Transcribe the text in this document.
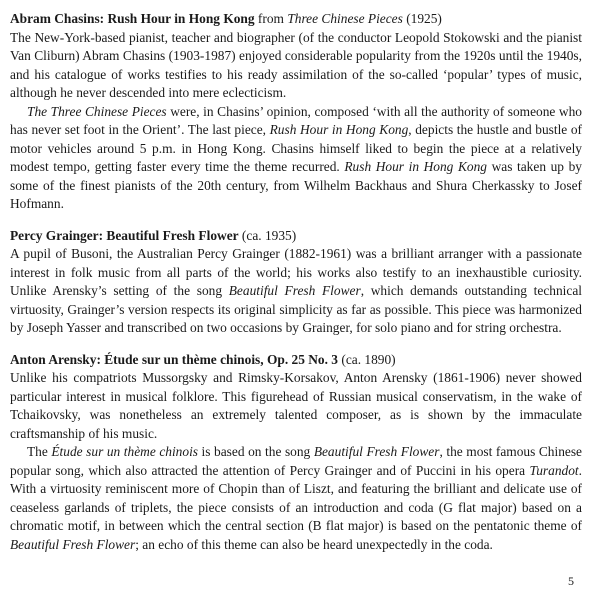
Abram Chasins: Rush Hour in Hong Kong from Three Chinese Pieces (1925)

The New-York-based pianist, teacher and biographer (of the conductor Leopold Stokowski and the pianist Van Cliburn) Abram Chasins (1903-1987) enjoyed considerable popularity from the 1920s until the 1940s, and his catalogue of works testifies to his ready assimilation of the so-called ‘popular’ types of music, although he never descended into mere eclecticism.

The Three Chinese Pieces were, in Chasins’ opinion, composed ‘with all the authority of someone who has never set foot in the Orient’. The last piece, Rush Hour in Hong Kong, depicts the hustle and bustle of motor vehicles around 5 p.m. in Hong Kong. Chasins himself liked to begin the piece at a relatively modest tempo, getting faster every time the theme recurred. Rush Hour in Hong Kong was taken up by some of the finest pianists of the 20th century, from Wilhelm Backhaus and Shura Cherkassky to Josef Hofmann.

Percy Grainger: Beautiful Fresh Flower (ca. 1935)

A pupil of Busoni, the Australian Percy Grainger (1882-1961) was a brilliant arranger with a passionate interest in folk music from all parts of the world; his works also testify to an inexhaustible curiosity. Unlike Arensky’s setting of the song Beautiful Fresh Flower, which demands outstanding technical virtuosity, Grainger’s version respects its original simplicity as far as possible. This piece was harmonized by Joseph Yasser and transcribed on two occasions by Grainger, for solo piano and for string orchestra.

Anton Arensky: Étude sur un thème chinois, Op. 25 No. 3 (ca. 1890)

Unlike his compatriots Mussorgsky and Rimsky-Korsakov, Anton Arensky (1861-1906) never showed particular interest in musical folklore. This figurehead of Russian musical conservatism, in the wake of Tchaikovsky, was nonetheless an extremely talented composer, as is shown by the immaculate craftsmanship of his music.

The Étude sur un thème chinois is based on the song Beautiful Fresh Flower, the most famous Chinese popular song, which also attracted the attention of Percy Grainger and of Puccini in his opera Turandot. With a virtuosity reminiscent more of Chopin than of Liszt, and featuring the brilliant and delicate use of ceaseless garlands of triplets, the piece consists of an introduction and coda (G flat major) based on a chromatic motif, in between which the central section (B flat major) is based on the pentatonic theme of Beautiful Fresh Flower; an echo of this theme can also be heard unexpectedly in the coda.

5
